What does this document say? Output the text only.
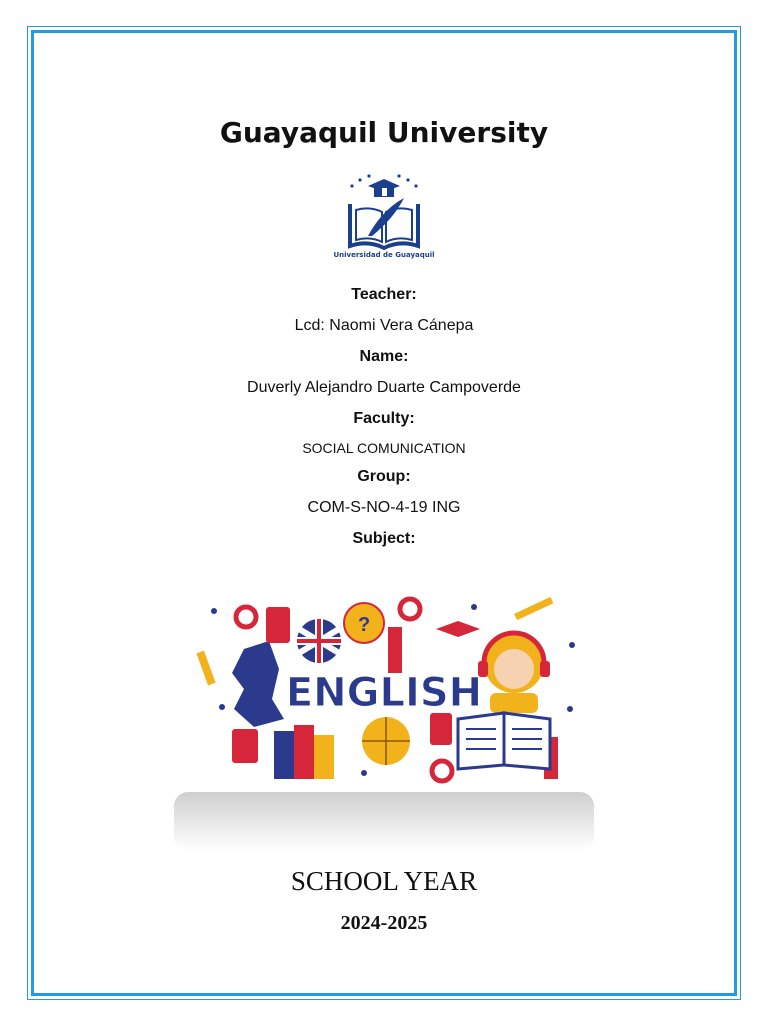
Guayaquil University
Universidad de Guayaquil
Teacher:
Lcd: Naomi Vera Cánepa
Name:
Duverly Alejandro Duarte Campoverde
Faculty:
SOCIAL COMUNICATION
Group:
COM-S-NO-4-19 ING
Subject:
?
ENGLISH
SCHOOL YEAR
2024-2025
